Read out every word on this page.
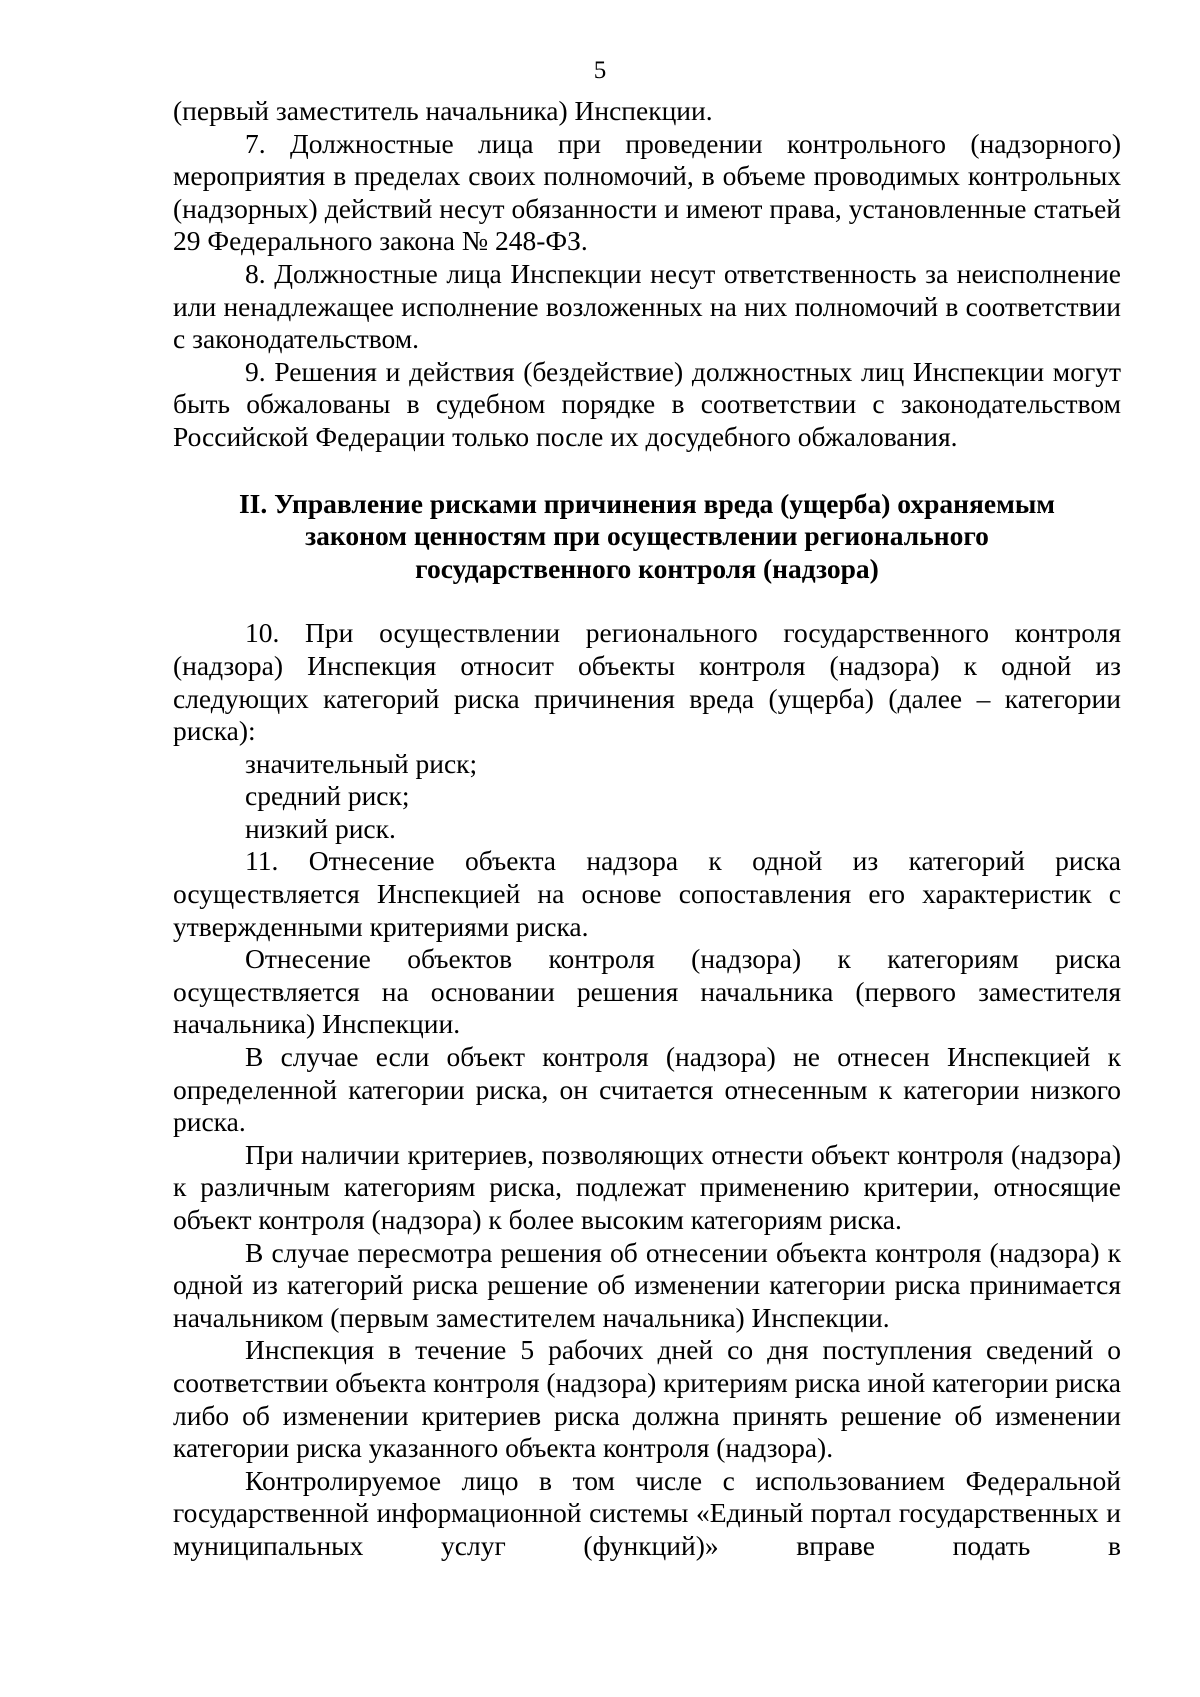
5

(первый заместитель начальника) Инспекции.

7. Должностные лица при проведении контрольного (надзорного) мероприятия в пределах своих полномочий, в объеме проводимых контрольных (надзорных) действий несут обязанности и имеют права, установленные статьей 29 Федерального закона № 248-ФЗ.

8. Должностные лица Инспекции несут ответственность за неисполнение или ненадлежащее исполнение возложенных на них полномочий в соответствии с законодательством.

9. Решения и действия (бездействие) должностных лиц Инспекции могут быть обжалованы в судебном порядке в соответствии с законодательством Российской Федерации только после их досудебного обжалования.

II. Управление рисками причинения вреда (ущерба) охраняемым законом ценностям при осуществлении регионального государственного контроля (надзора)

10. При осуществлении регионального государственного контроля (надзора) Инспекция относит объекты контроля (надзора) к одной из следующих категорий риска причинения вреда (ущерба) (далее – категории риска):

значительный риск;

средний риск;

низкий риск.

11. Отнесение объекта надзора к одной из категорий риска осуществляется Инспекцией на основе сопоставления его характеристик с утвержденными критериями риска.

Отнесение объектов контроля (надзора) к категориям риска осуществляется на основании решения начальника (первого заместителя начальника) Инспекции.

В случае если объект контроля (надзора) не отнесен Инспекцией к определенной категории риска, он считается отнесенным к категории низкого риска.

При наличии критериев, позволяющих отнести объект контроля (надзора) к различным категориям риска, подлежат применению критерии, относящие объект контроля (надзора) к более высоким категориям риска.

В случае пересмотра решения об отнесении объекта контроля (надзора) к одной из категорий риска решение об изменении категории риска принимается начальником (первым заместителем начальника) Инспекции.

Инспекция в течение 5 рабочих дней со дня поступления сведений о соответствии объекта контроля (надзора) критериям риска иной категории риска либо об изменении критериев риска должна принять решение об изменении категории риска указанного объекта контроля (надзора).

Контролируемое лицо в том числе с использованием Федеральной государственной информационной системы «Единый портал государственных и муниципальных услуг (функций)» вправе подать в
